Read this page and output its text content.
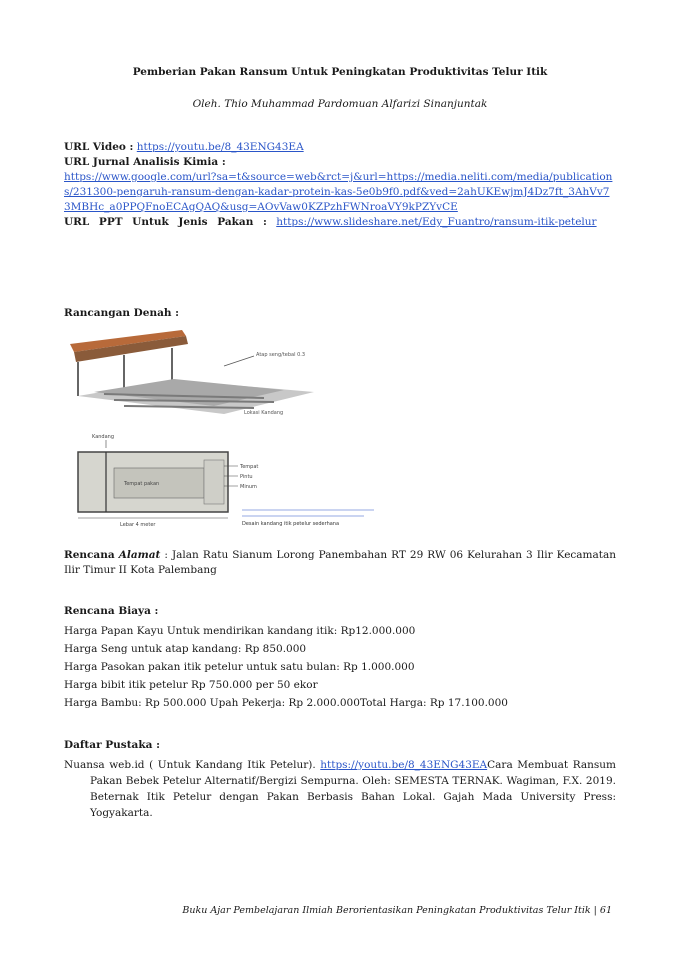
Pemberian Pakan Ransum Untuk Peningkatan Produktivitas Telur Itik
Oleh. Thio Muhammad Pardomuan Alfarizi Sinanjuntak
URL Video : https://youtu.be/8_43ENG43EA
URL Jurnal Analisis Kimia :
https://www.google.com/url?sa=t&source=web&rct=j&url=https://media.neliti.com/media/publications/231300-pengaruh-ransum-dengan-kadar-protein-kas-5e0b9f0.pdf&ved=2ahUKEwjmJ4Dz7ft_3AhVv73MBHc_a0PPQFnoECAgQAQ&usg=AOvVaw0KZPzhFWNroaVY9kPZYvCE
URL PPT Untuk Jenis Pakan : https://www.slideshare.net/Edy_Fuantro/ransum-itik-petelur
Rancangan Denah :
Atap seng/tebal 0.3
Lokasi Kandang
Tempat pakan
Kandang
Tempat
Pintu
Minum
Lebar 4 meter	Desain kandang itik petelur sederhana
Rencana Alamat : Jalan Ratu Sianum Lorong Panembahan RT 29 RW 06 Kelurahan 3 Ilir Kecamatan Ilir Timur II Kota Palembang
Rencana Biaya :
Harga Papan Kayu Untuk mendirikan kandang itik: Rp12.000.000
Harga Seng untuk atap kandang: Rp 850.000
Harga Pasokan pakan itik petelur untuk satu bulan: Rp 1.000.000
Harga bibit itik petelur Rp 750.000 per 50 ekor
Harga Bambu: Rp 500.000 Upah Pekerja: Rp 2.000.000Total Harga: Rp 17.100.000
Daftar Pustaka :
Nuansa web.id ( Untuk Kandang Itik Petelur). https://youtu.be/8_43ENG43EACara Membuat Ransum Pakan Bebek Petelur Alternatif/Bergizi Sempurna. Oleh: SEMESTA TERNAK. Wagiman, F.X. 2019. Beternak Itik Petelur dengan Pakan Berbasis Bahan Lokal. Gajah Mada University Press: Yogyakarta.
Buku Ajar Pembelajaran Ilmiah Berorientasikan Peningkatan Produktivitas Telur Itik | 61
